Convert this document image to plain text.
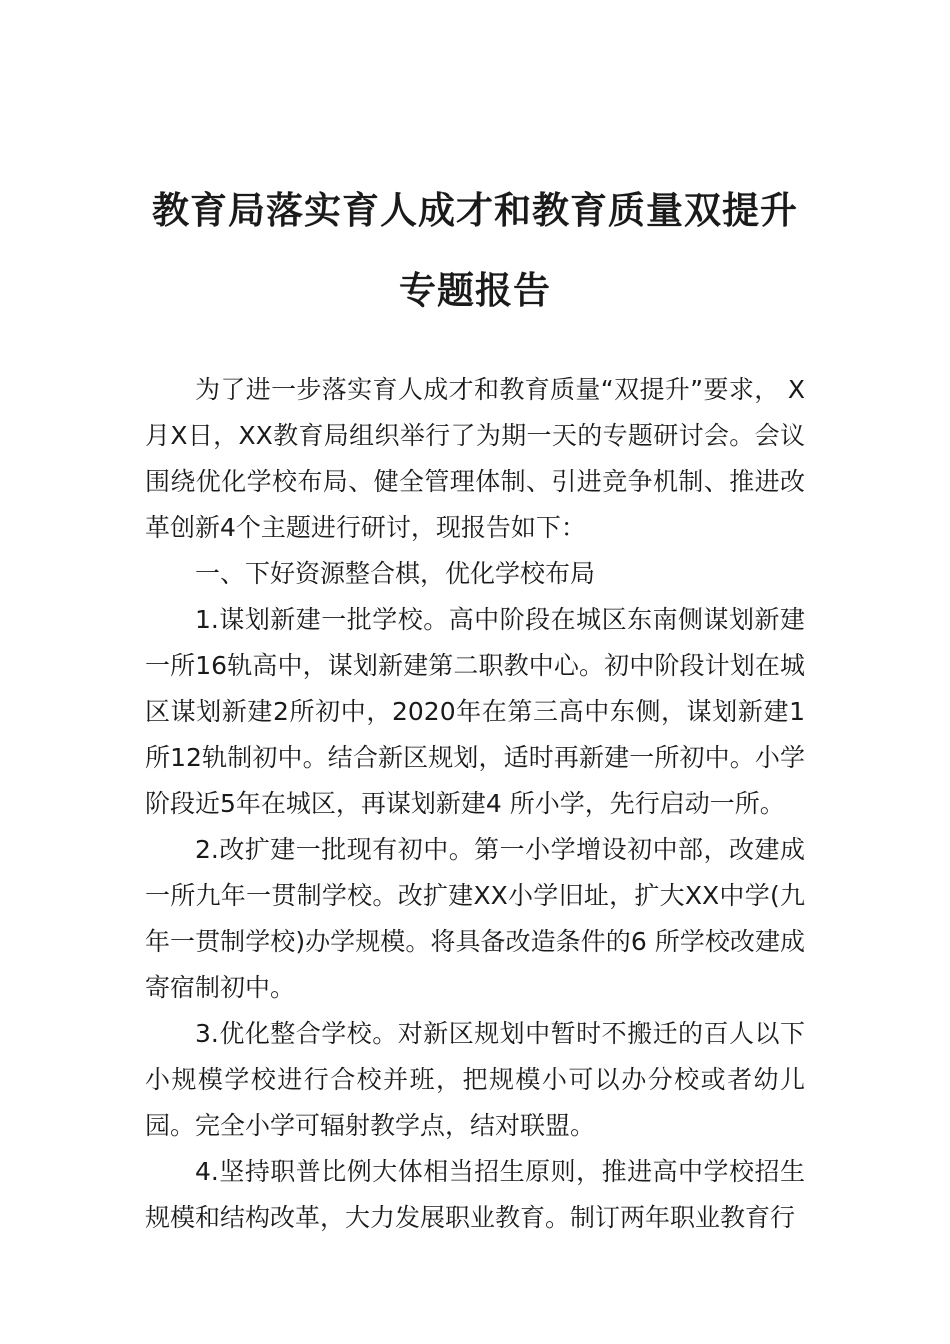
教育局落实育人成才和教育质量双提升专题报告

为了进一步落实育人成才和教育质量“双提升”要求， X月X日，XX教育局组织举行了为期一天的专题研讨会。会议围绕优化学校布局、健全管理体制、引进竞争机制、推进改革创新4个主题进行研讨，现报告如下：

一、下好资源整合棋，优化学校布局

1.谋划新建一批学校。高中阶段在城区东南侧谋划新建一所16轨高中，谋划新建第二职教中心。初中阶段计划在城区谋划新建2所初中，2020年在第三高中东侧，谋划新建1所12轨制初中。结合新区规划，适时再新建一所初中。小学阶段近5年在城区，再谋划新建4 所小学，先行启动一所。

2.改扩建一批现有初中。第一小学增设初中部，改建成一所九年一贯制学校。改扩建XX小学旧址，扩大XX中学(九年一贯制学校)办学规模。将具备改造条件的6 所学校改建成寄宿制初中。

3.优化整合学校。对新区规划中暂时不搬迁的百人以下小规模学校进行合校并班，把规模小可以办分校或者幼儿园。完全小学可辐射教学点，结对联盟。

4.坚持职普比例大体相当招生原则，推进高中学校招生规模和结构改革，大力发展职业教育。制订两年职业教育行
